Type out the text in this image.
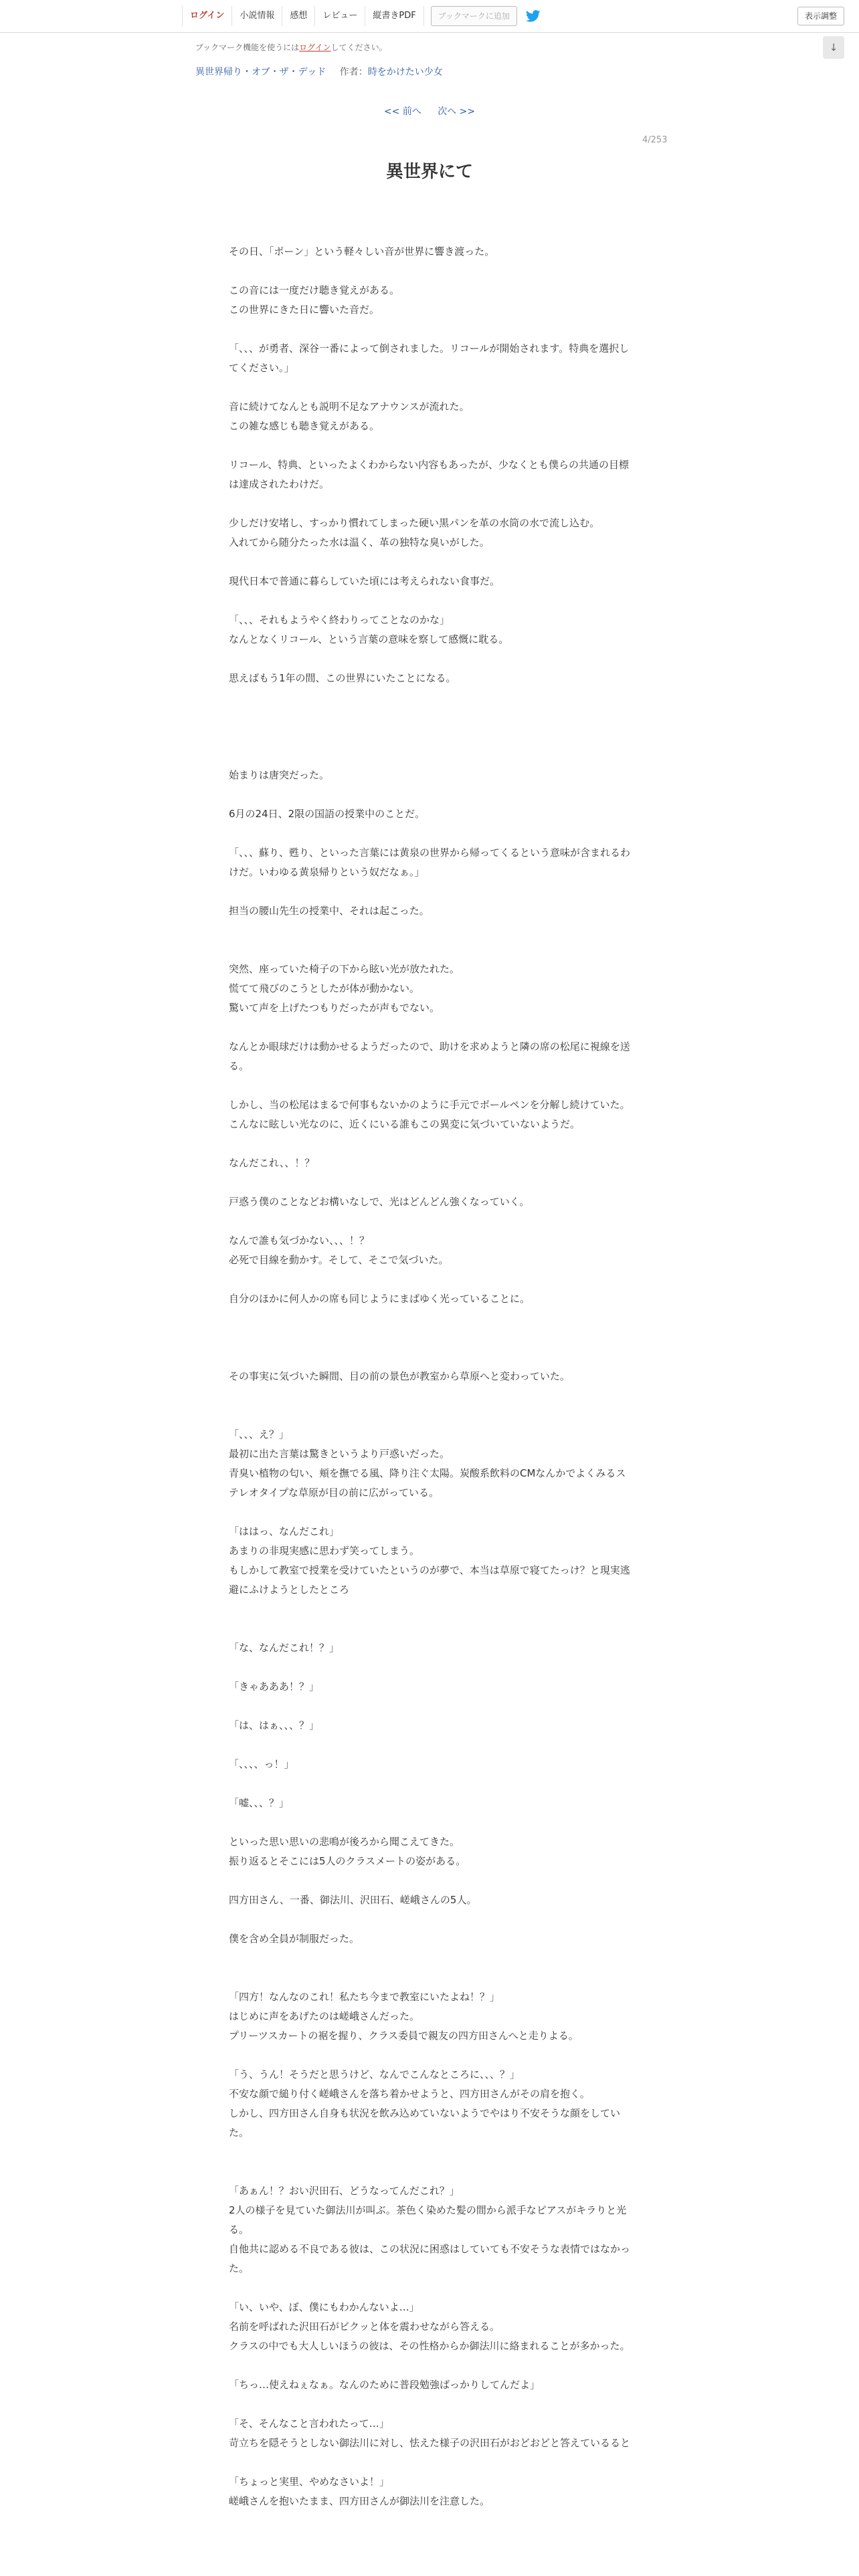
ログイン	小説情報	感想	レビュー	縦書きPDF	ブックマークに追加	表示調整
↓
ブックマーク機能を使うにはログインしてください。
異世界帰り・オブ・ザ・デッド 作者：時をかけたい少女
<< 前へ 次へ >>
4/253
異世界にて

その日、「ポーン」という軽々しい音が世界に響き渡った。

この音には一度だけ聴き覚えがある。

この世界にきた日に響いた音だ。

「、、、が勇者、深谷一番によって倒されました。リコールが開始されます。特典を選択してください。」

音に続けてなんとも説明不足なアナウンスが流れた。

この雑な感じも聴き覚えがある。

リコール、特典、といったよくわからない内容もあったが、少なくとも僕らの共通の目標は達成されたわけだ。

少しだけ安堵し、すっかり慣れてしまった硬い黒パンを革の水筒の水で流し込む。

入れてから随分たった水は温く、革の独特な臭いがした。

現代日本で普通に暮らしていた頃には考えられない食事だ。

「、、、それもようやく終わりってことなのかな」

なんとなくリコール、という言葉の意味を察して感慨に耽る。

思えばもう1年の間、この世界にいたことになる。

始まりは唐突だった。

6月の24日、2限の国語の授業中のことだ。

「、、、蘇り、甦り、といった言葉には黄泉の世界から帰ってくるという意味が含まれるわけだ。いわゆる黄泉帰りという奴だなぁ。」

担当の腰山先生の授業中、それは起こった。

突然、座っていた椅子の下から眩い光が放たれた。

慌てて飛びのこうとしたが体が動かない。

驚いて声を上げたつもりだったが声もでない。

なんとか眼球だけは動かせるようだったので、助けを求めようと隣の席の松尾に視線を送る。

しかし、当の松尾はまるで何事もないかのように手元でボールペンを分解し続けていた。

こんなに眩しい光なのに、近くにいる誰もこの異変に気づいていないようだ。

なんだこれ、、！？

戸惑う僕のことなどお構いなしで、光はどんどん強くなっていく。

なんで誰も気づかない、、、！？

必死で目線を動かす。そして、そこで気づいた。

自分のほかに何人かの席も同じようにまばゆく光っていることに。

その事実に気づいた瞬間、目の前の景色が教室から草原へと変わっていた。

「、、、え？」

最初に出た言葉は驚きというより戸惑いだった。

青臭い植物の匂い、頬を撫でる風、降り注ぐ太陽。炭酸系飲料のCMなんかでよくみるステレオタイプな草原が目の前に広がっている。

「ははっ、なんだこれ」

あまりの非現実感に思わず笑ってしまう。

もしかして教室で授業を受けていたというのが夢で、本当は草原で寝てたっけ？と現実逃避にふけようとしたところ

「な、なんだこれ！？」

「きゃあああ！？」

「は、はぁ、、、？」

「、、、、っ！」

「嘘、、、？」

といった思い思いの悲鳴が後ろから聞こえてきた。

振り返るとそこには5人のクラスメートの姿がある。

四方田さん、一番、御法川、沢田石、嵯峨さんの5人。

僕を含め全員が制服だった。

「四方！なんなのこれ！私たち今まで教室にいたよね！？」

はじめに声をあげたのは嵯峨さんだった。

プリーツスカートの裾を握り、クラス委員で親友の四方田さんへと走りよる。

「う、うん！そうだと思うけど、なんでこんなところに、、、？」

不安な顔で縋り付く嵯峨さんを落ち着かせようと、四方田さんがその肩を抱く。

しかし、四方田さん自身も状況を飲み込めていないようでやはり不安そうな顔をしていた。

「あぁん！？おい沢田石、どうなってんだこれ？」

2人の様子を見ていた御法川が叫ぶ。茶色く染めた髪の間から派手なピアスがキラりと光る。

自他共に認める不良である彼は、この状況に困惑はしていても不安そうな表情ではなかった。

「い、いや、ぼ、僕にもわかんないよ…」

名前を呼ばれた沢田石がビクッと体を震わせながら答える。

クラスの中でも大人しいほうの彼は、その性格からか御法川に絡まれることが多かった。

「ちっ…使えねぇなぁ。なんのために普段勉強ばっかりしてんだよ」

「そ、そんなこと言われたって…」

苛立ちを隠そうとしない御法川に対し、怯えた様子の沢田石がおどおどと答えているると

「ちょっと実里、やめなさいよ！」

嵯峨さんを抱いたまま、四方田さんが御法川を注意した。
